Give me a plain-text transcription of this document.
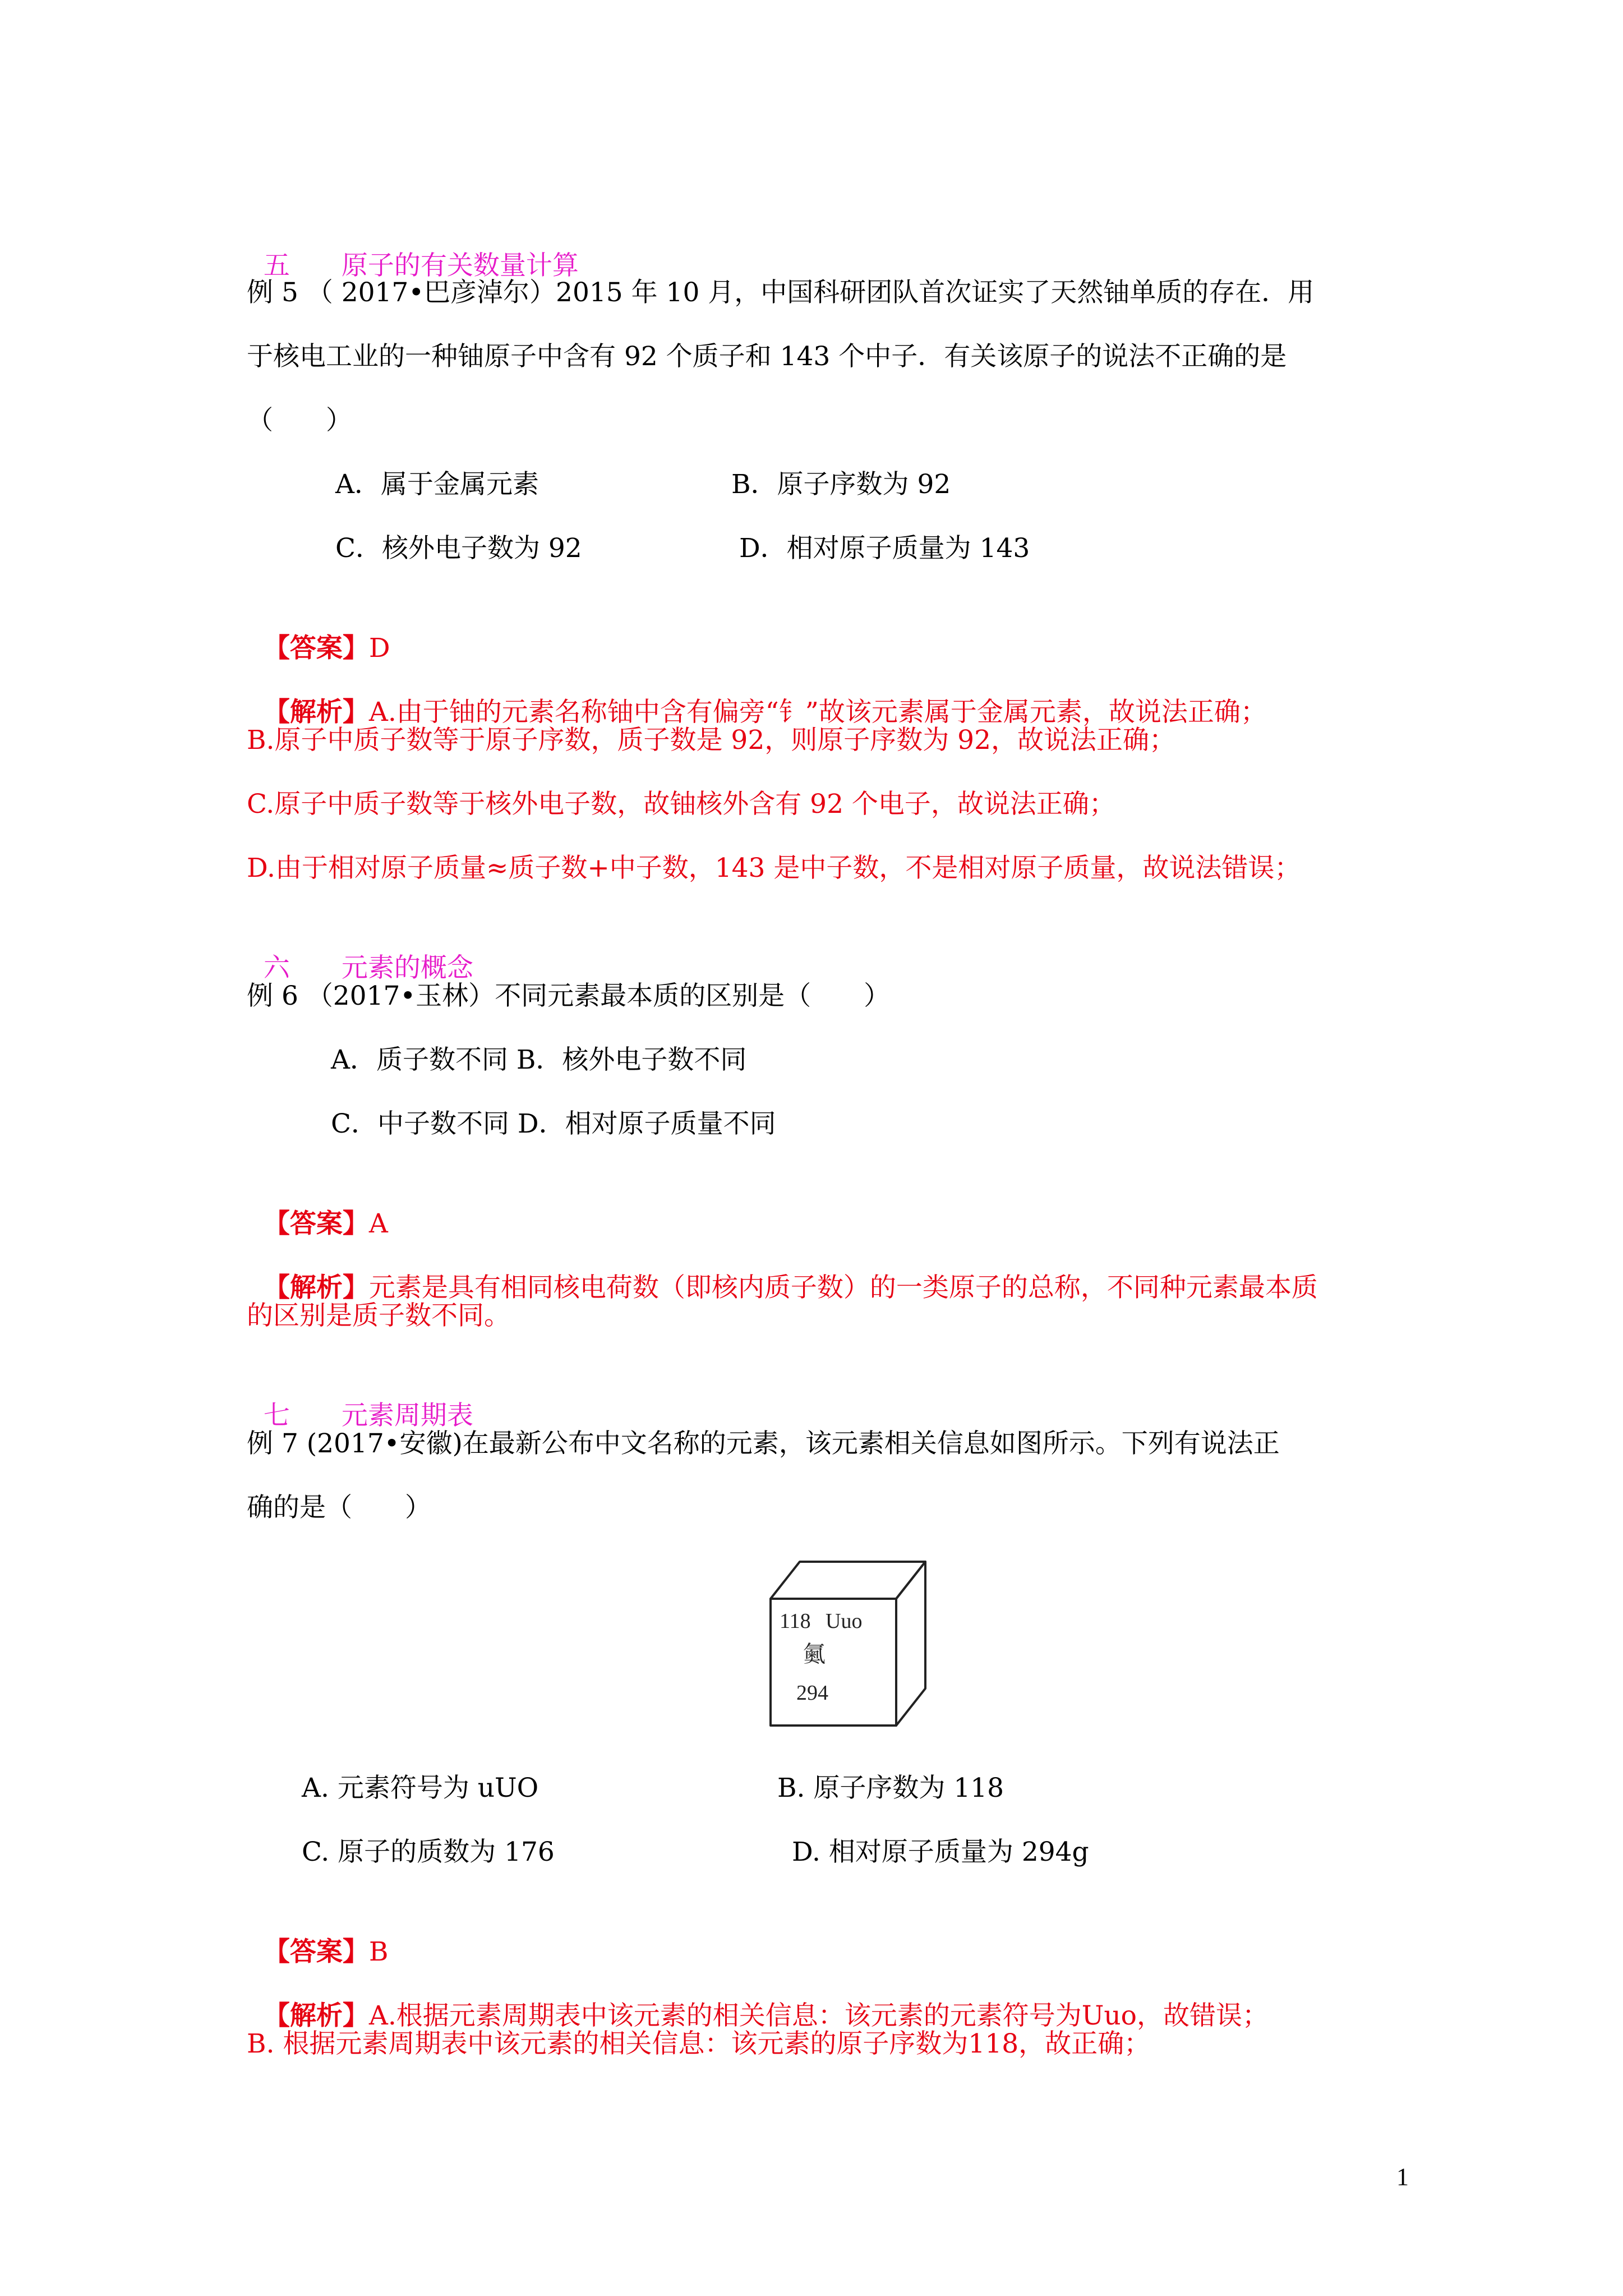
五 原子的有关数量计算

例 5 （ 2017•巴彦淖尔）2015 年 10 月，中国科研团队首次证实了天然铀单质的存在．用
于核电工业的一种铀原子中含有 92 个质子和 143 个中子．有关该原子的说法不正确的是
（　　）
A．属于金属元素	B．原子序数为 92
C．核外电子数为 92	D．相对原子质量为 143

【答案】D

【解析】A.由于铀的元素名称铀中含有偏旁“钅”故该元素属于金属元素，故说法正确；

B.原子中质子数等于原子序数，质子数是 92，则原子序数为 92，故说法正确；
C.原子中质子数等于核外电子数，故铀核外含有 92 个电子，故说法正确；
D.由于相对原子质量≈质子数+中子数，143 是中子数，不是相对原子质量，故说法错误；

六 元素的概念

例 6 （2017•玉林）不同元素最本质的区别是（　　）
A．质子数不同 B．核外电子数不同
C．中子数不同 D．相对原子质量不同

【答案】A

【解析】元素是具有相同核电荷数（即核内质子数）的一类原子的总称，不同种元素最本质

的区别是质子数不同。

七 元素周期表

例 7 (2017•安徽)在最新公布中文名称的元素，该元素相关信息如图所示。下列有说法正
确的是（　　）
118 Uuo
鿫
294
A. 元素符号为 uUO	B. 原子序数为 118
C. 原子的质数为 176	D. 相对原子质量为 294g

【答案】B

【解析】A.根据元素周期表中该元素的相关信息：该元素的元素符号为Uuo，故错误；

B. 根据元素周期表中该元素的相关信息：该元素的原子序数为118，故正确；
1
